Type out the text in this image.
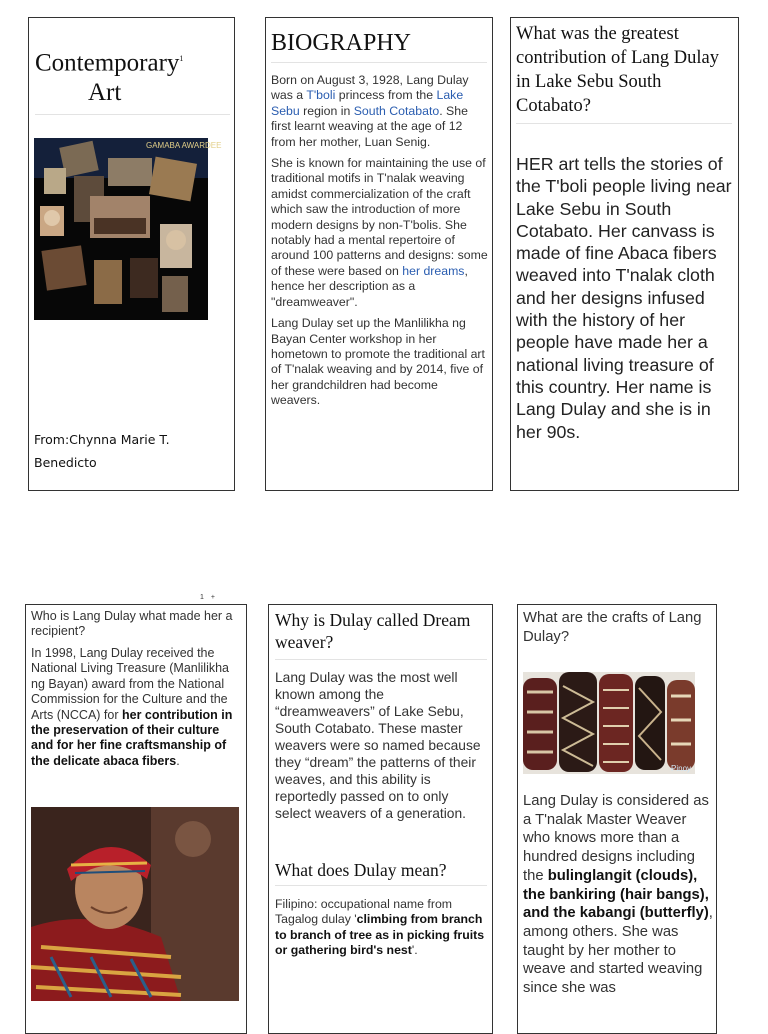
Contemporary$^1$
Art
GAMABA AWARDEE
From:Chynna Marie T.
Benedicto
BIOGRAPHY

Born on August 3, 1928, Lang Dulay was a T'boli princess from the Lake Sebu region in South Cotabato. She first learnt weaving at the age of 12 from her mother, Luan Senig.

She is known for maintaining the use of traditional motifs in T'nalak weaving amidst commercialization of the craft which saw the introduction of more modern designs by non-T'bolis. She notably had a mental repertoire of around 100 patterns and designs: some of these were based on her dreams, hence her description as a "dreamweaver".

Lang Dulay set up the Manlilikha ng Bayan Center workshop in her hometown to promote the traditional art of T'nalak weaving and by 2014, five of her grandchildren had become weavers.

What was the greatest contribution of Lang Dulay in Lake Sebu South Cotabato?
HER art tells the stories of the T'boli people living near Lake Sebu in South Cotabato. Her canvass is made of fine Abaca fibers weaved into T'nalak cloth and her designs infused with the history of her people have made her a national living treasure of this country. Her name is Lang Dulay and she is in her 90s.
1+
Who is Lang Dulay what made her a recipient?
In 1998, Lang Dulay received the National Living Treasure (Manlilikha ng Bayan) award from the National Commission for the Culture and the Arts (NCCA) for her contribution in the preservation of their culture and for her fine craftsmanship of the delicate abaca fibers.
Why is Dulay called Dream weaver?
Lang Dulay was the most well known among the “dreamweavers” of Lake Sebu, South Cotabato. These master weavers were so named because they “dream” the patterns of their weaves, and this ability is reportedly passed on to only select weavers of a generation.
What does Dulay mean?
Filipino: occupational name from Tagalog dulay 'climbing from branch to branch of tree as in picking fruits or gathering bird's nest'.
What are the crafts of Lang Dulay?
Pinoy
Lang Dulay is considered as a T'nalak Master Weaver who knows more than a hundred designs including the bulinglangit (clouds), the bankiring (hair bangs), and the kabangi (butterfly), among others. She was taught by her mother to weave and started weaving since she was
